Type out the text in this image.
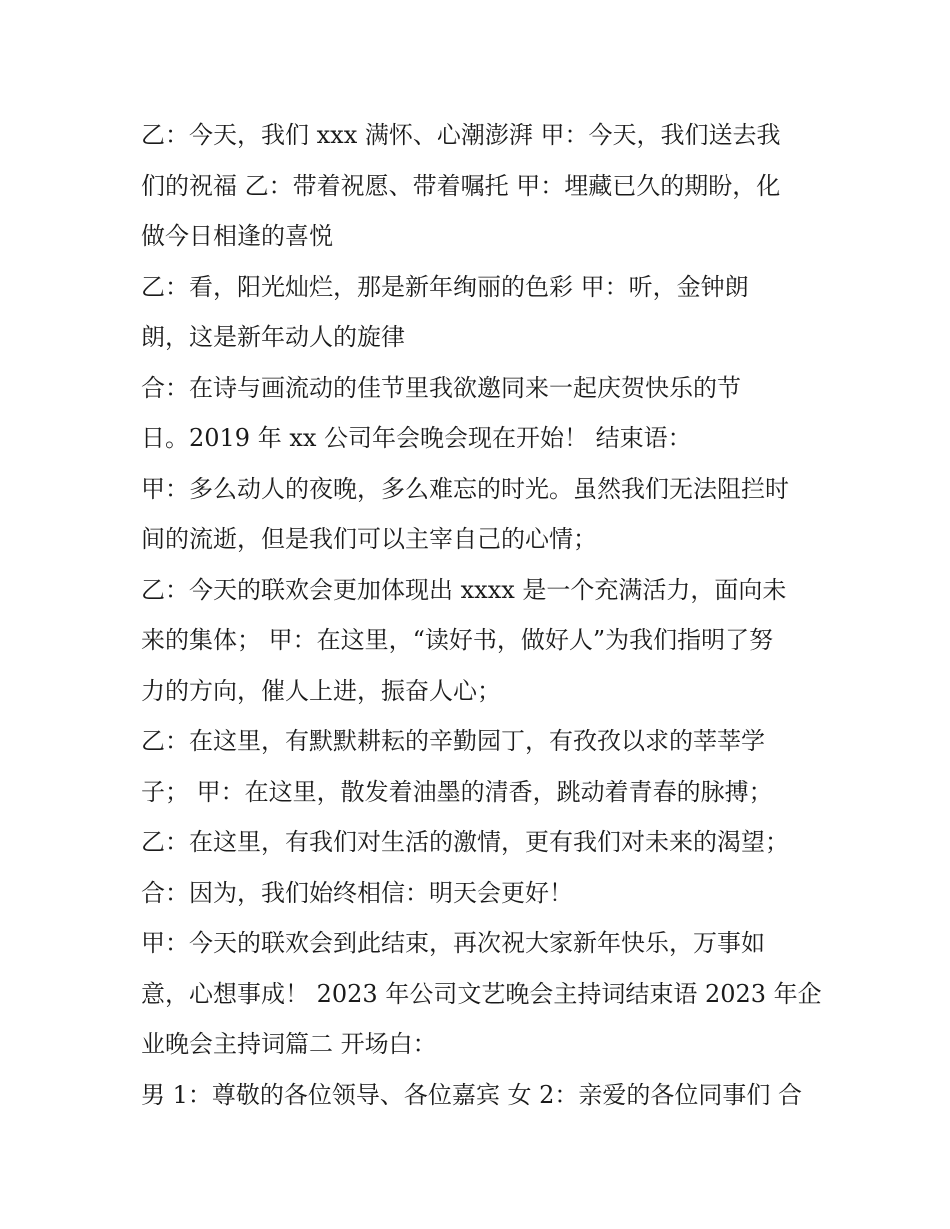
乙：今天，我们 xxx 满怀、心潮澎湃 甲：今天，我们送去我
们的祝福 乙：带着祝愿、带着嘱托 甲：埋藏已久的期盼，化
做今日相逢的喜悦
乙：看，阳光灿烂，那是新年绚丽的色彩 甲：听，金钟朗
朗，这是新年动人的旋律
合：在诗与画流动的佳节里我欲邀同来一起庆贺快乐的节
日。2019 年 xx 公司年会晚会现在开始！ 结束语：
甲：多么动人的夜晚，多么难忘的时光。虽然我们无法阻拦时
间的流逝，但是我们可以主宰自己的心情；
乙：今天的联欢会更加体现出 xxxx 是一个充满活力，面向未
来的集体； 甲：在这里，“读好书，做好人”为我们指明了努
力的方向，催人上进，振奋人心；
乙：在这里，有默默耕耘的辛勤园丁，有孜孜以求的莘莘学
子； 甲：在这里，散发着油墨的清香，跳动着青春的脉搏；
乙：在这里，有我们对生活的激情，更有我们对未来的渴望；
合：因为，我们始终相信：明天会更好！
甲：今天的联欢会到此结束，再次祝大家新年快乐，万事如
意，心想事成！ 2023 年公司文艺晚会主持词结束语 2023 年企
业晚会主持词篇二 开场白：
男 1：尊敬的各位领导、各位嘉宾 女 2：亲爱的各位同事们 合
